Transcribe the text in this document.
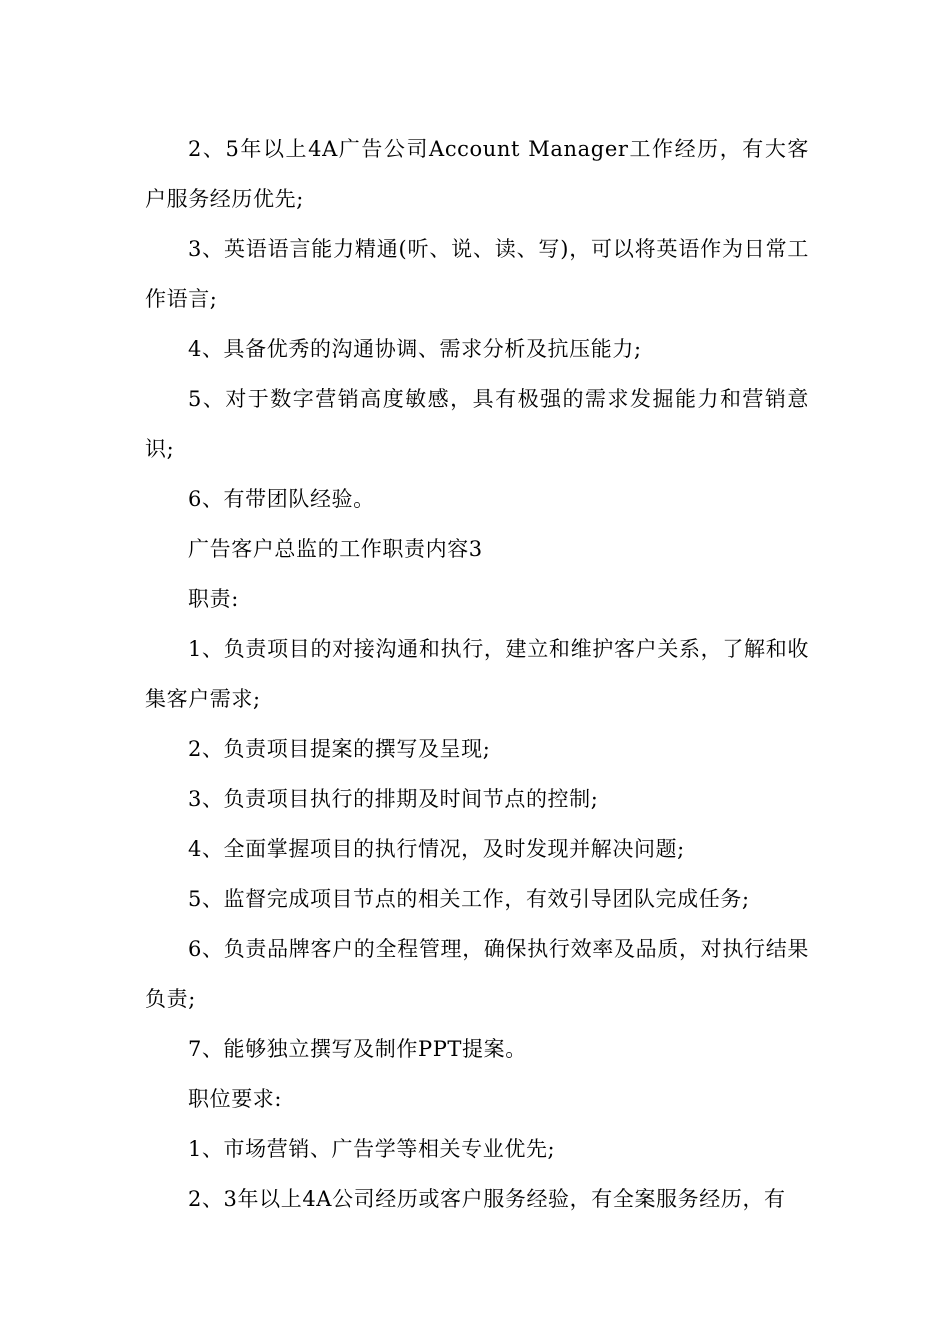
2、5年以上4A广告公司Account Manager工作经历，有大客户服务经历优先;

3、英语语言能力精通(听、说、读、写)，可以将英语作为日常工作语言;

4、具备优秀的沟通协调、需求分析及抗压能力;

5、对于数字营销高度敏感，具有极强的需求发掘能力和营销意识;

6、有带团队经验。

广告客户总监的工作职责内容3

职责:

1、负责项目的对接沟通和执行，建立和维护客户关系，了解和收集客户需求;

2、负责项目提案的撰写及呈现;

3、负责项目执行的排期及时间节点的控制;

4、全面掌握项目的执行情况，及时发现并解决问题;

5、监督完成项目节点的相关工作，有效引导团队完成任务;

6、负责品牌客户的全程管理，确保执行效率及品质，对执行结果负责;

7、能够独立撰写及制作PPT提案。

职位要求:

1、市场营销、广告学等相关专业优先;

2、3年以上4A公司经历或客户服务经验，有全案服务经历，有
